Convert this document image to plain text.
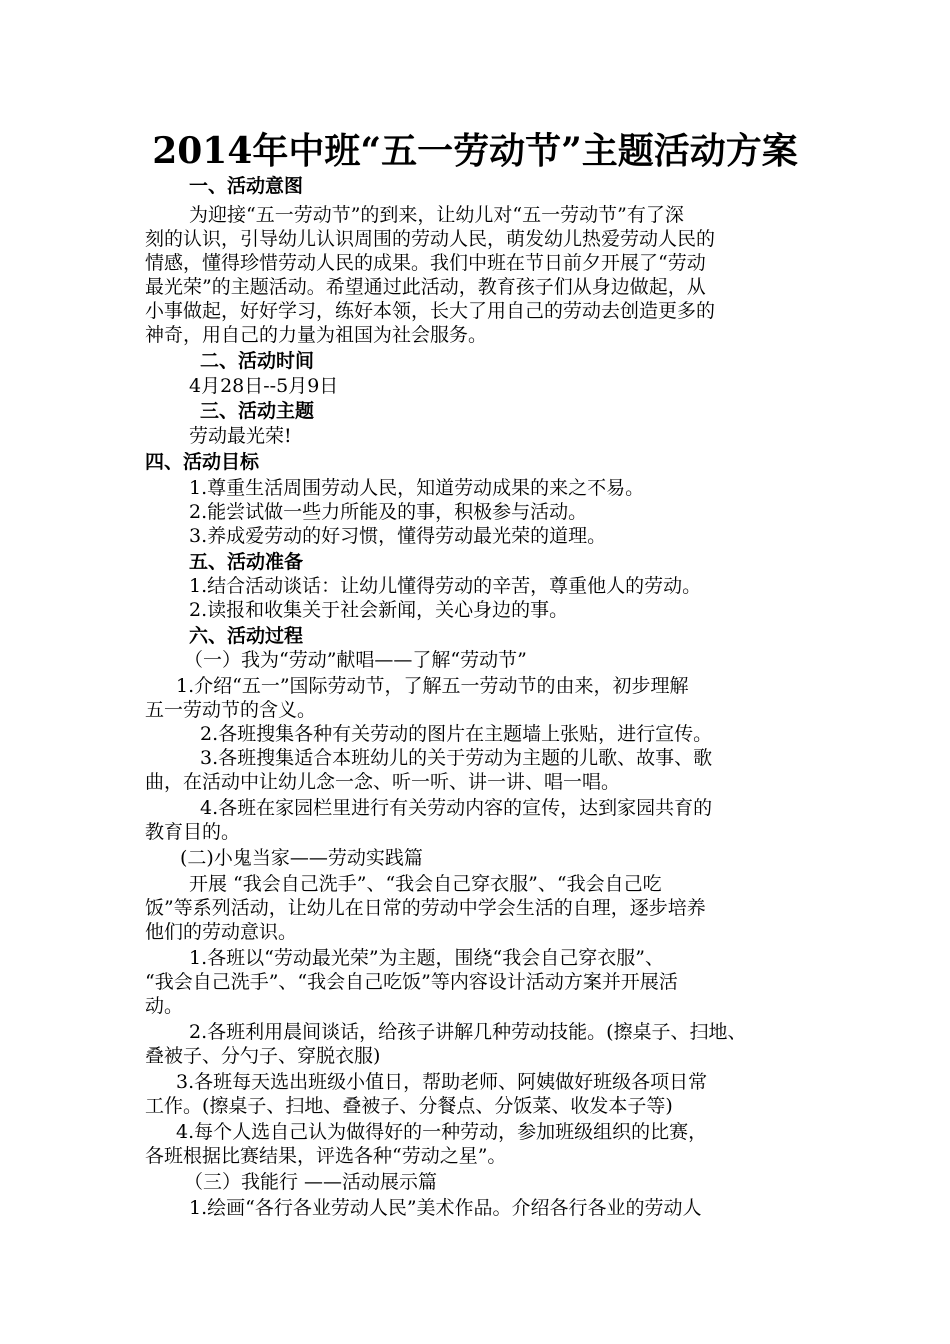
2014年中班“五一劳动节”主题活动方案
一、活动意图
为迎接“五一劳动节”的到来，让幼儿对“五一劳动节”有了深
刻的认识，引导幼儿认识周围的劳动人民，萌发幼儿热爱劳动人民的
情感，懂得珍惜劳动人民的成果。我们中班在节日前夕开展了“劳动
最光荣”的主题活动。希望通过此活动，教育孩子们从身边做起，从
小事做起，好好学习，练好本领，长大了用自己的劳动去创造更多的
神奇，用自己的力量为祖国为社会服务。
二、活动时间
4月28日--5月9日
三、活动主题
劳动最光荣!
四、活动目标
1.尊重生活周围劳动人民，知道劳动成果的来之不易。
2.能尝试做一些力所能及的事，积极参与活动。
3.养成爱劳动的好习惯，懂得劳动最光荣的道理。
五、活动准备
1.结合活动谈话：让幼儿懂得劳动的辛苦，尊重他人的劳动。
2.读报和收集关于社会新闻，关心身边的事。
六、活动过程
（一）我为“劳动”献唱——了解“劳动节”
1.介绍“五一”国际劳动节，了解五一劳动节的由来，初步理解
五一劳动节的含义。
2.各班搜集各种有关劳动的图片在主题墙上张贴，进行宣传。
3.各班搜集适合本班幼儿的关于劳动为主题的儿歌、故事、歌
曲，在活动中让幼儿念一念、听一听、讲一讲、唱一唱。
4.各班在家园栏里进行有关劳动内容的宣传，达到家园共育的
教育目的。
(二)小鬼当家——劳动实践篇
开展 “我会自己洗手”、“我会自己穿衣服”、“我会自己吃
饭”等系列活动，让幼儿在日常的劳动中学会生活的自理，逐步培养
他们的劳动意识。
1.各班以“劳动最光荣”为主题，围绕“我会自己穿衣服”、
“我会自己洗手”、“我会自己吃饭”等内容设计活动方案并开展活
动。
2.各班利用晨间谈话，给孩子讲解几种劳动技能。(擦桌子、扫地、
叠被子、分勺子、穿脱衣服)
3.各班每天选出班级小值日，帮助老师、阿姨做好班级各项日常
工作。(擦桌子、扫地、叠被子、分餐点、分饭菜、收发本子等)
4.每个人选自己认为做得好的一种劳动，参加班级组织的比赛，
各班根据比赛结果，评选各种“劳动之星”。
（三）我能行 ——活动展示篇
1.绘画“各行各业劳动人民”美术作品。介绍各行各业的劳动人
